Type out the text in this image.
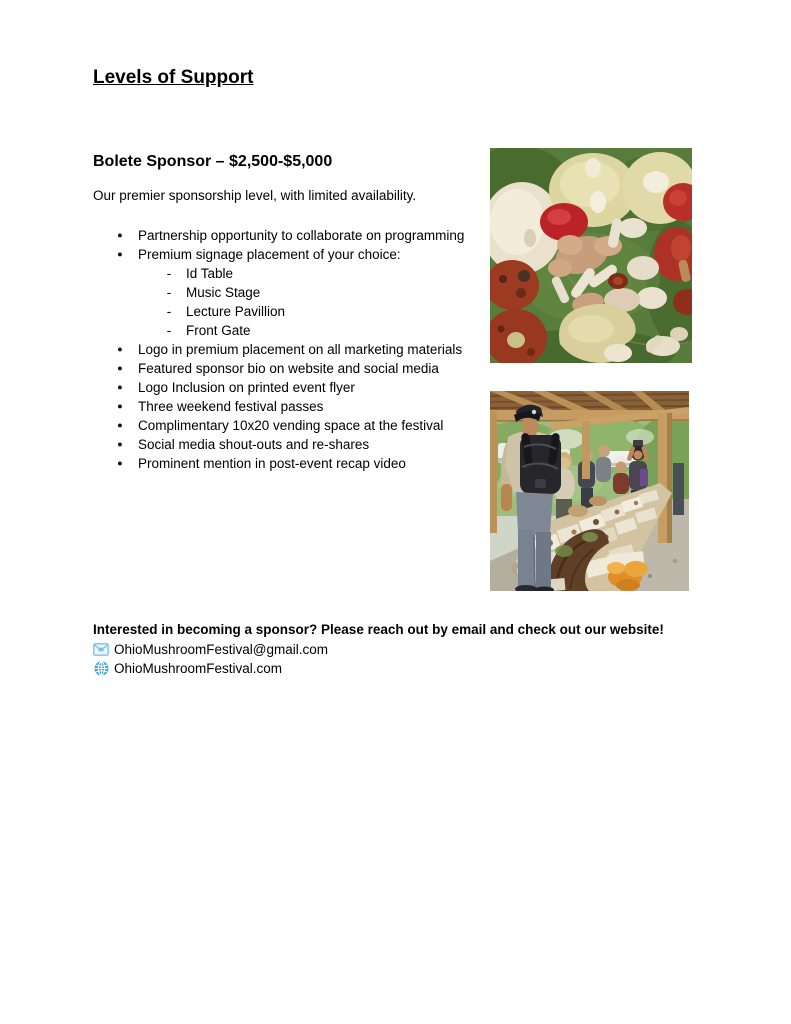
Levels of Support
Bolete Sponsor – $2,500-$5,000

Our premier sponsorship level, with limited availability.

●	Partnership opportunity to collaborate on programming
●	Premium signage placement of your choice:
-	Id Table
-	Music Stage
-	Lecture Pavillion
-	Front Gate
●	Logo in premium placement on all marketing materials
●	Featured sponsor bio on website and social media
●	Logo Inclusion on printed event flyer
●	Three weekend festival passes
●	Complimentary 10x20 vending space at the festival
●	Social media shout-outs and re-shares
●	Prominent mention in post-event recap video

Interested in becoming a sponsor? Please reach out by email and check out our website!

OhioMushroomFestival@gmail.com
OhioMushroomFestival.com
